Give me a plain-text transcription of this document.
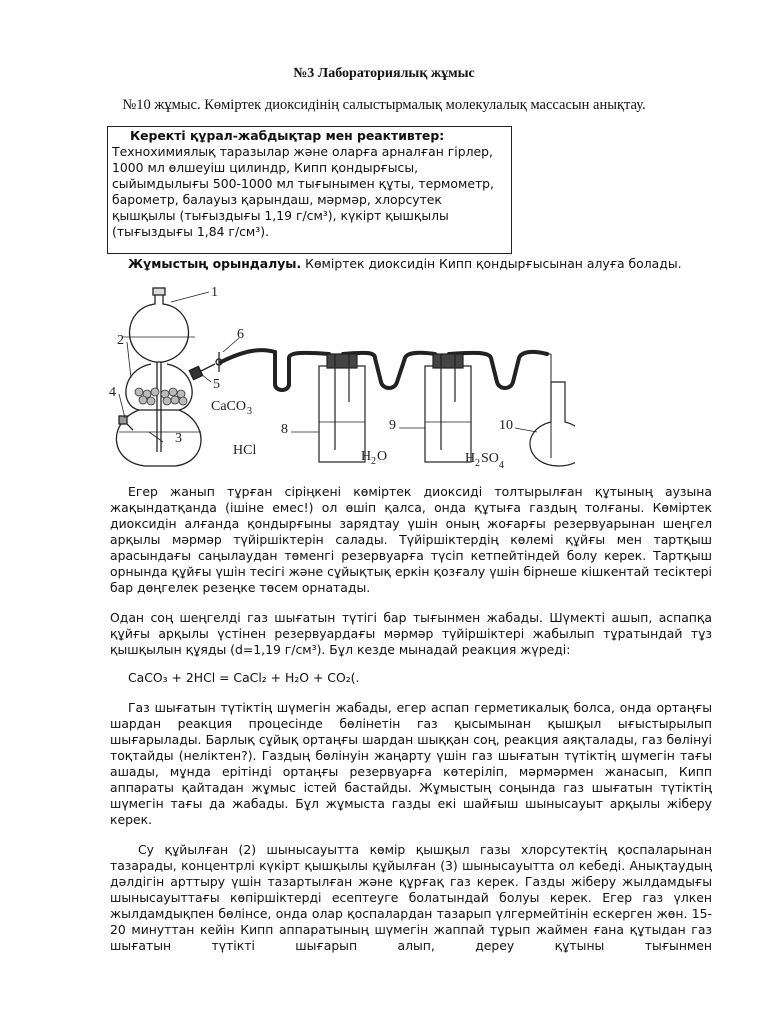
№3 Лабораториялық жұмыс
№10 жұмыс. Көміртек диоксидінің салыстырмалық молекулалық массасын анықтау.
Керекті құрал-жабдықтар мен реактивтер:
Технохимиялық таразылар және оларға арналған гірлер, 1000 мл өлшеуіш цилиндр, Кипп қондырғысы, сыйымдылығы 500-1000 мл тығынымен құты, термометр, барометр, балауыз қарындаш, мәрмәр, хлорсутек қышқылы (тығыздығы 1,19 г/см³), күкірт қышқылы (тығыздығы 1,84 г/см³).
Жұмыстың орындалуы. Көміртек диоксидін Кипп қондырғысынан алуға болады.
1
2
3
4
5
6
8	9	10
CaCO 3
HCl	H 2 O	H 2 SO 4
Егер жанып тұрған сіріңкені көміртек диоксиді толтырылған құтының аузына жақындатқанда (ішіне емес!) ол өшіп қалса, онда құтыға газдың толғаны. Көміртек диоксидін алғанда қондырғыны зарядтау үшін оның жоғарғы резервуарынан шеңгел арқылы мәрмәр түйіршіктерін салады. Түйіршіктердің көлемі құйғы мен тартқыш арасындағы саңылаудан төменгі резервуарға түсіп кетпейтіндей болу керек. Тартқыш орнында құйғы үшін тесігі және сұйықтық еркін қозғалу үшін бірнеше кішкентай тесіктері бар дөңгелек резеңке төсем орнатады.
Одан соң шеңгелді газ шығатын түтігі бар тығынмен жабады. Шүмекті ашып, аспапқа құйғы арқылы үстінен резервуардағы мәрмәр түйіршіктері жабылып тұратындай тұз қышқылын құяды (d=1,19 г/см³). Бұл кезде мынадай реакция жүреді:
CaCO₃ + 2HCl = CaCl₂ + H₂O + CO₂(.
Газ шығатын түтіктің шүмегін жабады, егер аспап герметикалық болса, онда ортаңғы шардан реакция процесінде бөлінетін газ қысымынан қышқыл ығыстырылып шығарылады. Барлық сұйық ортаңғы шардан шыққан соң, реакция аяқталады, газ бөлінуі тоқтайды (неліктен?). Газдың бөлінуін жаңарту үшін газ шығатын түтіктің шүмегін тағы ашады, мұнда ерітінді ортаңғы резервуарға көтеріліп, мәрмәрмен жанасып, Кипп аппараты қайтадан жұмыс істей бастайды. Жұмыстың соңында газ шығатын түтіктің шүмегін тағы да жабады. Бұл жұмыста газды екі шайғыш шынысауыт арқылы жіберу керек.
Су құйылған (2) шынысауытта көмір қышқыл газы хлорсутектің қоспаларынан тазарады, концентрлі күкірт қышқылы құйылған (3) шынысауытта ол кебеді. Анықтаудың дәлдігін арттыру үшін тазартылған және құрғақ газ керек. Газды жіберу жылдамдығы шынысауыттағы көпіршіктерді есептеуге болатындай болуы керек. Егер газ үлкен жылдамдықпен бөлінсе, онда олар қоспалардан тазарып үлгермейтінін ескерген жөн. 15-20 минуттан кейін Кипп аппаратының шүмегін жаппай тұрып жаймен ғана құтыдан газ шығатын түтікті шығарып алып, дереу құтыны тығынмен
